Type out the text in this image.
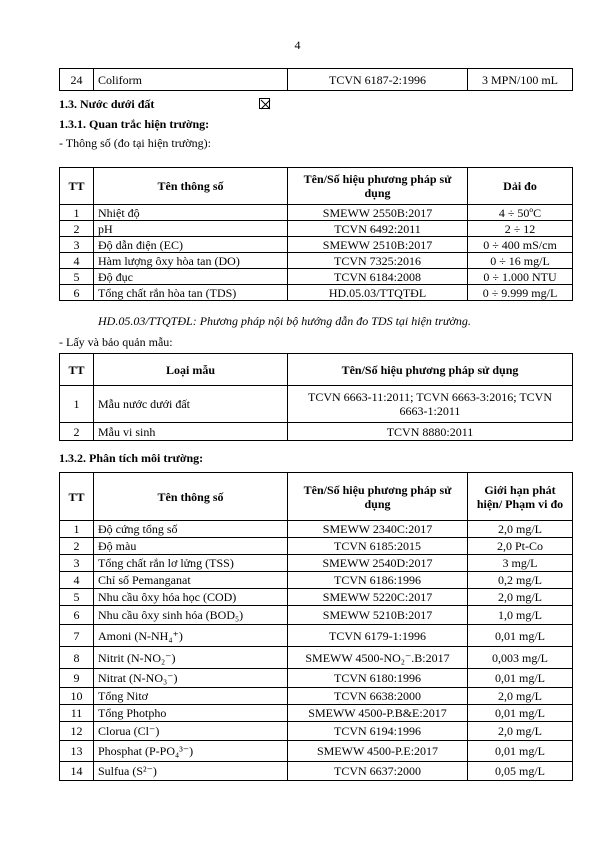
4
24	Coliform	TCVN 6187-2:1996	3 MPN/100 mL
1.3. Nước dưới đất
1.3.1. Quan trắc hiện trường:
- Thông số (đo tại hiện trường):
TT	Tên thông số	Tên/Số hiệu phương pháp sử dụng	Dải đo
1	Nhiệt độ	SMEWW 2550B:2017	4 ÷ 50ºC
2	pH	TCVN 6492:2011	2 ÷ 12
3	Độ dẫn điện (EC)	SMEWW 2510B:2017	0 ÷ 400 mS/cm
4	Hàm lượng ôxy hòa tan (DO)	TCVN 7325:2016	0 ÷ 16 mg/L
5	Độ đục	TCVN 6184:2008	0 ÷ 1.000 NTU
6	Tổng chất rắn hòa tan (TDS)	HD.05.03/TTQTĐL	0 ÷ 9.999 mg/L
HD.05.03/TTQTĐL: Phương pháp nội bộ hướng dẫn đo TDS tại hiện trường.
- Lấy và bảo quản mẫu:
TT	Loại mẫu	Tên/Số hiệu phương pháp sử dụng
1	Mẫu nước dưới đất	TCVN 6663-11:2011; TCVN 6663-3:2016; TCVN 6663-1:2011
2	Mẫu vi sinh	TCVN 8880:2011
1.3.2. Phân tích môi trường:
TT	Tên thông số	Tên/Số hiệu phương pháp sử dụng	Giới hạn phát hiện/ Phạm vi đo
1	Độ cứng tổng số	SMEWW 2340C:2017	2,0 mg/L
2	Độ màu	TCVN 6185:2015	2,0 Pt-Co
3	Tổng chất rắn lơ lửng (TSS)	SMEWW 2540D:2017	3 mg/L
4	Chỉ số Pemanganat	TCVN 6186:1996	0,2 mg/L
5	Nhu cầu ôxy hóa học (COD)	SMEWW 5220C:2017	2,0 mg/L
6	Nhu cầu ôxy sinh hóa (BOD₅)	SMEWW 5210B:2017	1,0 mg/L
7	Amoni (N-NH₄⁺)	TCVN 6179-1:1996	0,01 mg/L
8	Nitrit (N-NO₂⁻)	SMEWW 4500-NO₂⁻.B:2017	0,003 mg/L
9	Nitrat (N-NO₃⁻)	TCVN 6180:1996	0,01 mg/L
10	Tổng Nitơ	TCVN 6638:2000	2,0 mg/L
11	Tổng Photpho	SMEWW 4500-P.B&E:2017	0,01 mg/L
12	Clorua (Cl⁻)	TCVN 6194:1996	2,0 mg/L
13	Phosphat (P-PO₄³⁻)	SMEWW 4500-P.E:2017	0,01 mg/L
14	Sulfua (S²⁻)	TCVN 6637:2000	0,05 mg/L
